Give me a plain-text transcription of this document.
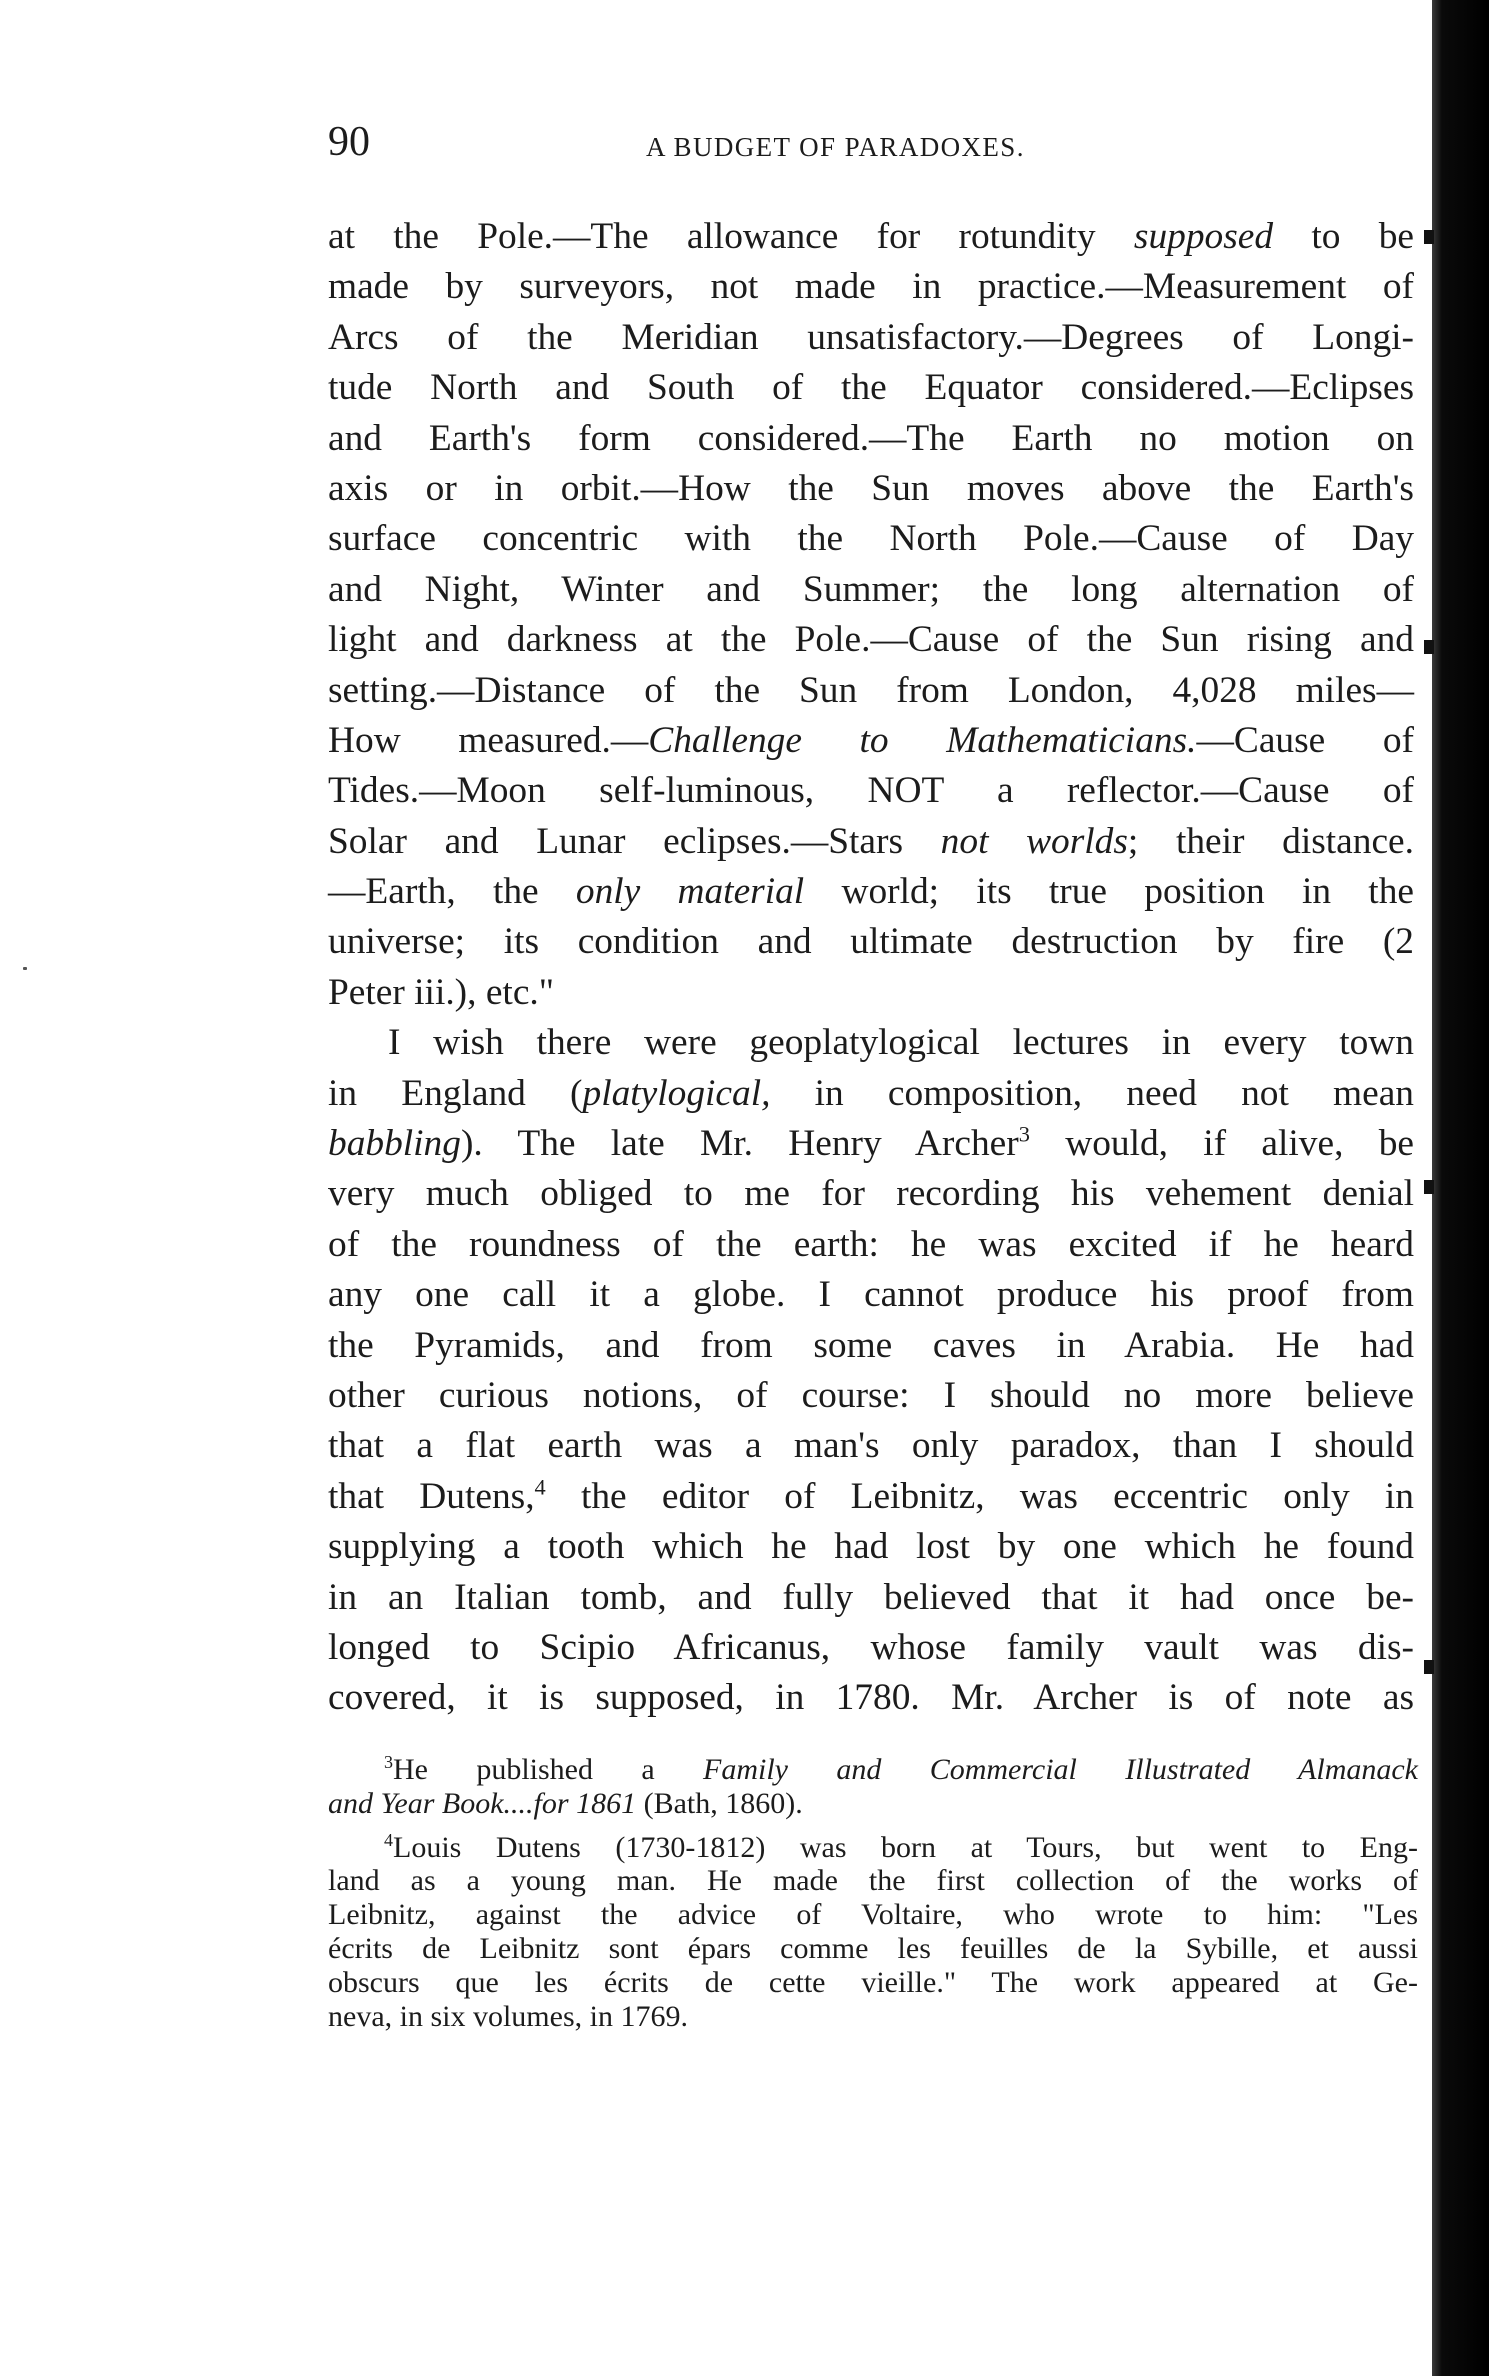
90	A BUDGET OF PARADOXES.
at the Pole.—The allowance for rotundity supposed to be
made by surveyors, not made in practice.—Measurement of
Arcs of the Meridian unsatisfactory.—Degrees of Longi-
tude North and South of the Equator considered.—Eclipses
and Earth's form considered.—The Earth no motion on
axis or in orbit.—How the Sun moves above the Earth's
surface concentric with the North Pole.—Cause of Day
and Night, Winter and Summer; the long alternation of
light and darkness at the Pole.—Cause of the Sun rising and
setting.—Distance of the Sun from London, 4,028 miles—
How measured.—Challenge to Mathematicians.—Cause of
Tides.—Moon self-luminous, NOT a reflector.—Cause of
Solar and Lunar eclipses.—Stars not worlds; their distance.
—Earth, the only material world; its true position in the
universe; its condition and ultimate destruction by fire (2
Peter iii.), etc."
I wish there were geoplatylogical lectures in every town
in England (platylogical, in composition, need not mean
babbling). The late Mr. Henry Archer$^3$ would, if alive, be
very much obliged to me for recording his vehement denial
of the roundness of the earth: he was excited if he heard
any one call it a globe. I cannot produce his proof from
the Pyramids, and from some caves in Arabia. He had
other curious notions, of course: I should no more believe
that a flat earth was a man's only paradox, than I should
that Dutens,$^4$ the editor of Leibnitz, was eccentric only in
supplying a tooth which he had lost by one which he found
in an Italian tomb, and fully believed that it had once be-
longed to Scipio Africanus, whose family vault was dis-
covered, it is supposed, in 1780. Mr. Archer is of note as
$^3$He published a Family and Commercial Illustrated Almanack
and Year Book....for 1861 (Bath, 1860).
$^4$Louis Dutens (1730-1812) was born at Tours, but went to Eng-
land as a young man. He made the first collection of the works of
Leibnitz, against the advice of Voltaire, who wrote to him: "Les
écrits de Leibnitz sont épars comme les feuilles de la Sybille, et aussi
obscurs que les écrits de cette vieille." The work appeared at Ge-
neva, in six volumes, in 1769.
